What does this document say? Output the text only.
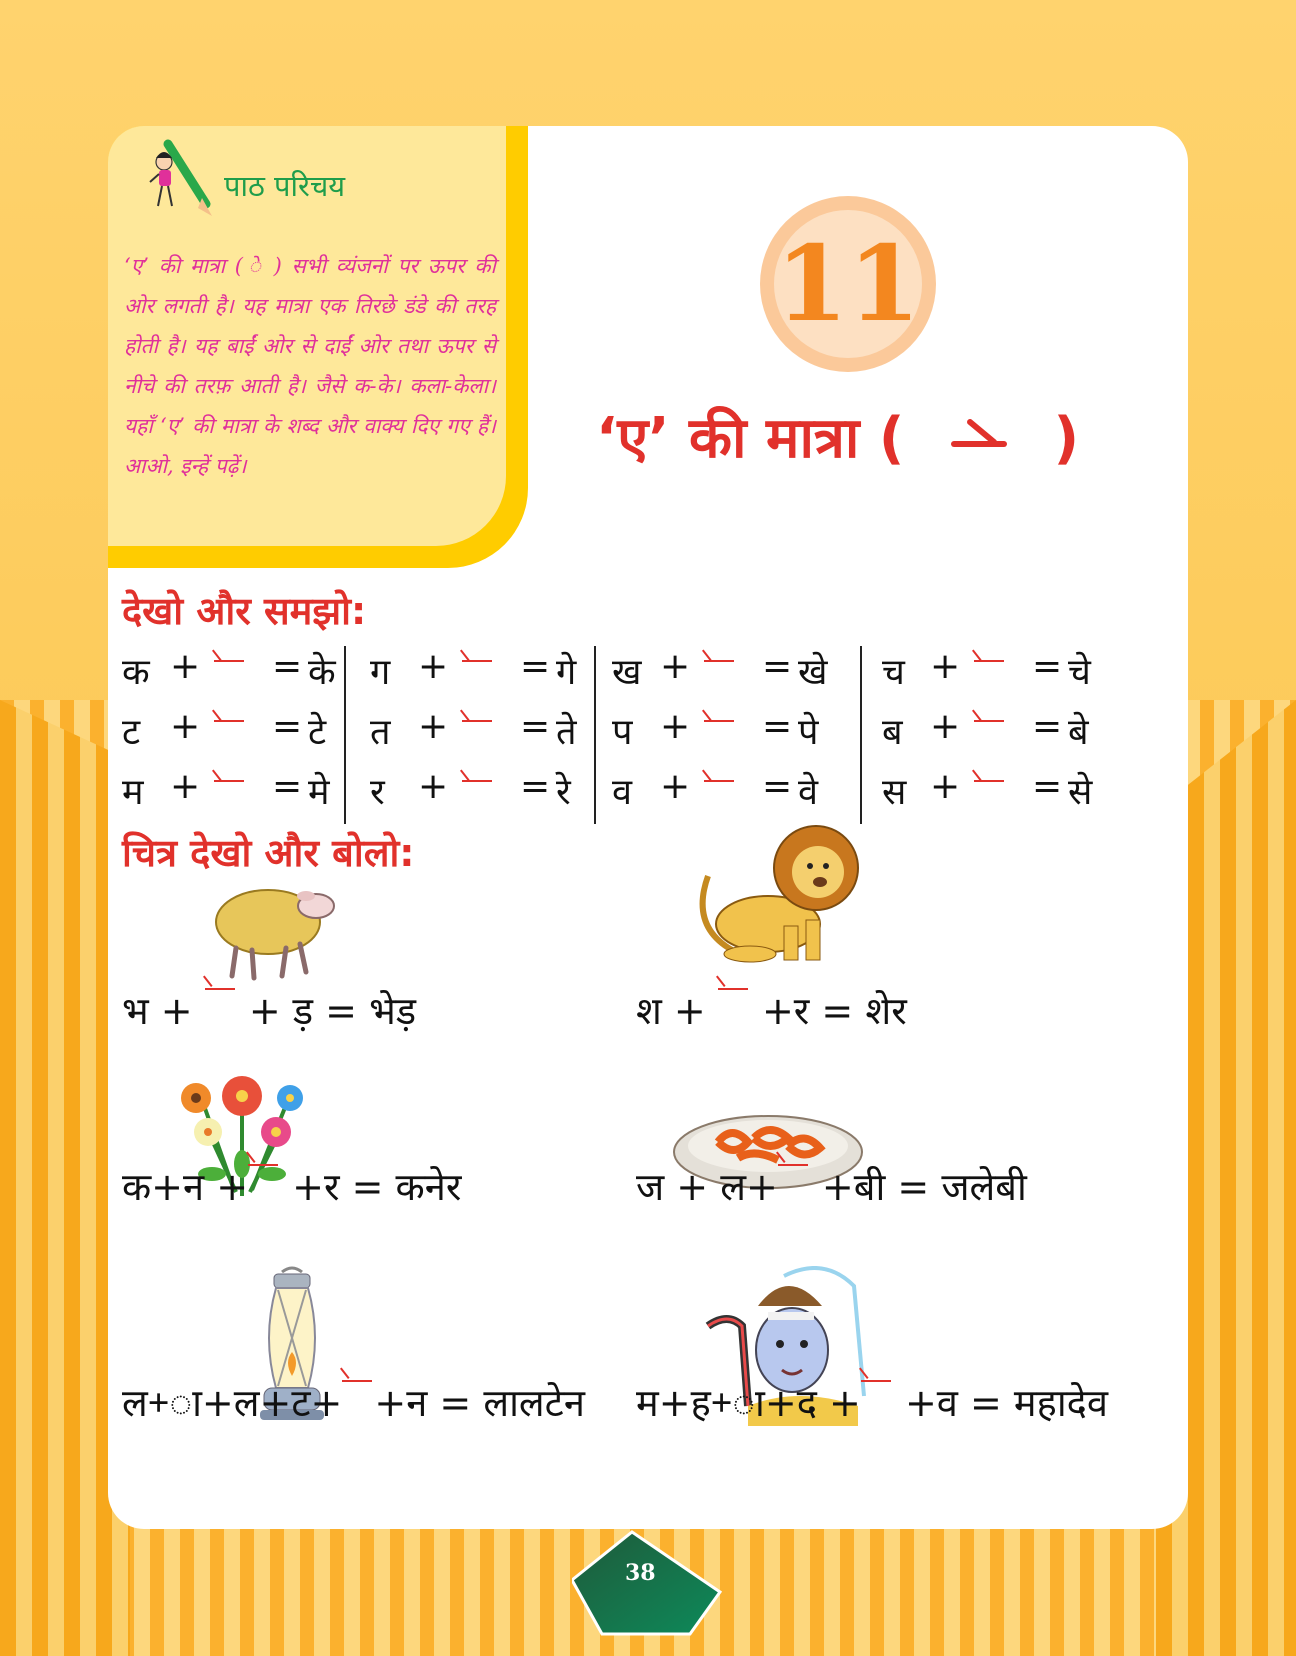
पाठ परिचय
‘ए’ की मात्रा ( े ) सभी व्यंजनों पर ऊपर की ओर लगती है। यह मात्रा एक तिरछे डंडे की तरह होती है। यह बाईं ओर से दाईं ओर तथा ऊपर से नीचे की तरफ़ आती है। जैसे क-के। कला-केला। यहाँ ‘ए’ की मात्रा के शब्द और वाक्य दिए गए हैं। आओ, इन्हें पढ़ें।
11
‘ए’ की मात्रा (	)
देखो और समझो:
क + = के ग + = गे ख + = खे च + = चे
ट + = टे त + = ते प + = पे ब + = बे
म + = मे र + = रे व + = वे स + = से
चित्र देखो और बोलो:
भ + + ड़ = भेड़	श + +र = शेर
क+न + +र = कनेर	ज + ल+ +बी = जलेबी
ल+ा+ल+ट+ +न = लालटेन म+ह+ा+द + +व = महादेव
38
